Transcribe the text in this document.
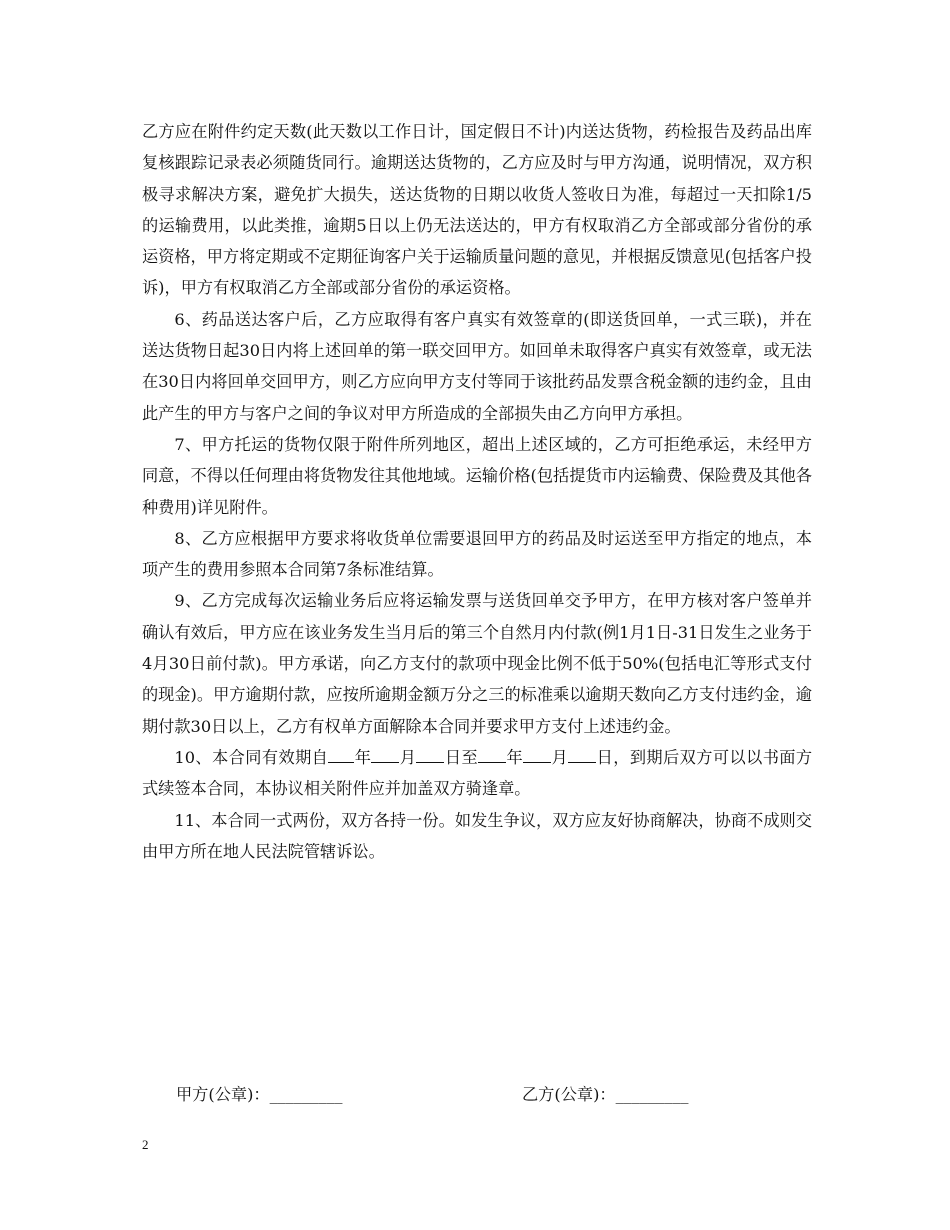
乙方应在附件约定天数(此天数以工作日计，国定假日不计)内送达货物，药检报告及药品出库复核跟踪记录表必须随货同行。逾期送达货物的，乙方应及时与甲方沟通，说明情况，双方积极寻求解决方案，避免扩大损失，送达货物的日期以收货人签收日为准，每超过一天扣除1/5的运输费用，以此类推，逾期5日以上仍无法送达的，甲方有权取消乙方全部或部分省份的承运资格，甲方将定期或不定期征询客户关于运输质量问题的意见，并根据反馈意见(包括客户投诉)，甲方有权取消乙方全部或部分省份的承运资格。

6、药品送达客户后，乙方应取得有客户真实有效签章的(即送货回单，一式三联)，并在送达货物日起30日内将上述回单的第一联交回甲方。如回单未取得客户真实有效签章，或无法在30日内将回单交回甲方，则乙方应向甲方支付等同于该批药品发票含税金额的违约金，且由此产生的甲方与客户之间的争议对甲方所造成的全部损失由乙方向甲方承担。

7、甲方托运的货物仅限于附件所列地区，超出上述区域的，乙方可拒绝承运，未经甲方同意，不得以任何理由将货物发往其他地域。运输价格(包括提货市内运输费、保险费及其他各种费用)详见附件。

8、乙方应根据甲方要求将收货单位需要退回甲方的药品及时运送至甲方指定的地点，本项产生的费用参照本合同第7条标准结算。

9、乙方完成每次运输业务后应将运输发票与送货回单交予甲方，在甲方核对客户签单并确认有效后，甲方应在该业务发生当月后的第三个自然月内付款(例1月1日-31日发生之业务于4月30日前付款)。甲方承诺，向乙方支付的款项中现金比例不低于50%(包括电汇等形式支付的现金)。甲方逾期付款，应按所逾期金额万分之三的标准乘以逾期天数向乙方支付违约金，逾期付款30日以上，乙方有权单方面解除本合同并要求甲方支付上述违约金。

10、本合同有效期自 年 月 日至 年 月 日，到期后双方可以以书面方式续签本合同，本协议相关附件应并加盖双方骑逢章。

11、本合同一式两份，双方各持一份。如发生争议，双方应友好协商解决，协商不成则交由甲方所在地人民法院管辖诉讼。

甲方(公章)：_________	乙方(公章)：_________
2
